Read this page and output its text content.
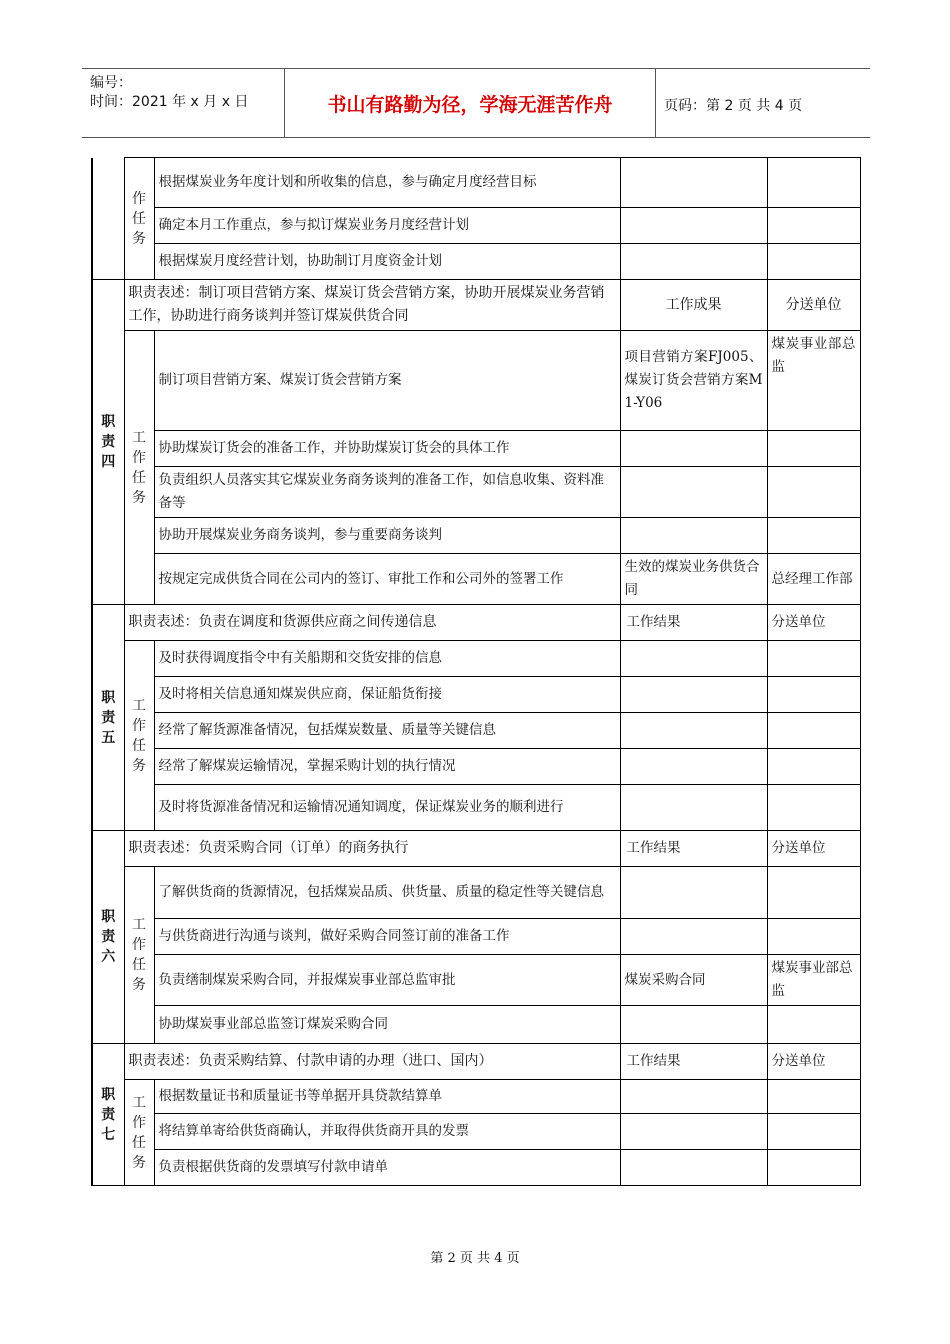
编号：
时间：2021 年 x 月 x 日	书山有路勤为径，学海无涯苦作舟	页码：第 2 页 共 4 页
	作
任
务	根据煤炭业务年度计划和所收集的信息，参与确定月度经营目标		
		确定本月工作重点，参与拟订煤炭业务月度经营计划		
		根据煤炭月度经营计划，协助制订月度资金计划		
职
责
四	职责表述：制订项目营销方案、煤炭订货会营销方案，协助开展煤炭业务营销工作，协助进行商务谈判并签订煤炭供货合同		工作成果	分送单位
	工
作
任
务	制订项目营销方案、煤炭订货会营销方案	项目营销方案FJ005、煤炭订货会营销方案M1-Y06	煤炭事业部总监
		协助煤炭订货会的准备工作，并协助煤炭订货会的具体工作		
		负责组织人员落实其它煤炭业务商务谈判的准备工作，如信息收集、资料准备等		
		协助开展煤炭业务商务谈判，参与重要商务谈判		
		按规定完成供货合同在公司内的签订、审批工作和公司外的签署工作	生效的煤炭业务供货合同	总经理工作部
职
责
五	职责表述：负责在调度和货源供应商之间传递信息		工作结果	分送单位
	工
作
任
务	及时获得调度指令中有关船期和交货安排的信息		
		及时将相关信息通知煤炭供应商，保证船货衔接		
		经常了解货源准备情况，包括煤炭数量、质量等关键信息		
		经常了解煤炭运输情况，掌握采购计划的执行情况		
		及时将货源准备情况和运输情况通知调度，保证煤炭业务的顺利进行		
职
责
六	职责表述：负责采购合同（订单）的商务执行		工作结果	分送单位
	工
作
任
务	了解供货商的货源情况，包括煤炭品质、供货量、质量的稳定性等关键信息		
		与供货商进行沟通与谈判，做好采购合同签订前的准备工作		
		负责缮制煤炭采购合同，并报煤炭事业部总监审批	煤炭采购合同	煤炭事业部总监
		协助煤炭事业部总监签订煤炭采购合同		
职
责
七	职责表述：负责采购结算、付款申请的办理（进口、国内）		工作结果	分送单位
	工
作
任
务	根据数量证书和质量证书等单据开具贷款结算单		
		将结算单寄给供货商确认，并取得供货商开具的发票		
		负责根据供货商的发票填写付款申请单		
第 2 页 共 4 页
